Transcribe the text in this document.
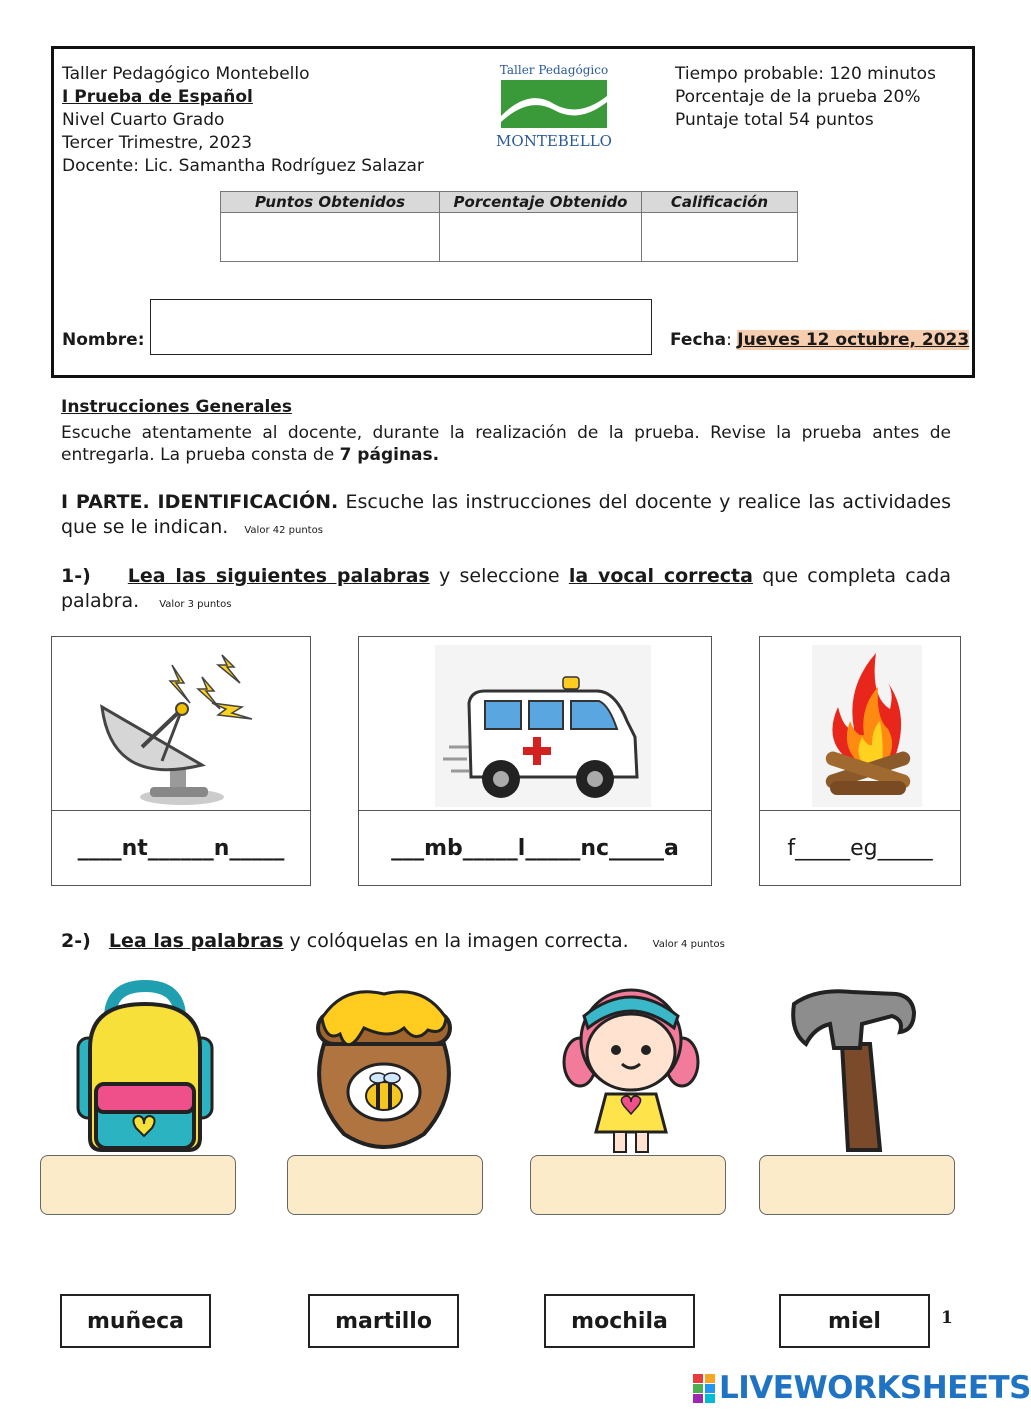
Taller Pedagógico Montebello
I Prueba de Español
Nivel Cuarto Grado
Tercer Trimestre, 2023
Docente: Lic. Samantha Rodríguez Salazar
Taller Pedagógico
MONTEBELLO
Tiempo probable: 120 minutos
Porcentaje de la prueba 20%
Puntaje total 54 puntos
Puntos Obtenidos	Porcentaje Obtenido	Calificación

Nombre:	Fecha: Jueves 12 octubre, 2023
Instrucciones Generales
Escuche atentamente al docente, durante la realización de la prueba. Revise la prueba antes de entregarla. La prueba consta de 7 páginas.
I PARTE. IDENTIFICACIÓN. Escuche las instrucciones del docente y realice las actividades que se le indican. Valor 42 puntos
1-) Lea las siguientes palabras y seleccione la vocal correcta que completa cada palabra. Valor 3 puntos
____nt______n_____	___mb_____l_____nc_____a	f_____eg_____
2-) Lea las palabras y colóquelas en la imagen correcta. Valor 4 puntos
muñeca	martillo	mochila	miel	1
LIVEWORKSHEETS
